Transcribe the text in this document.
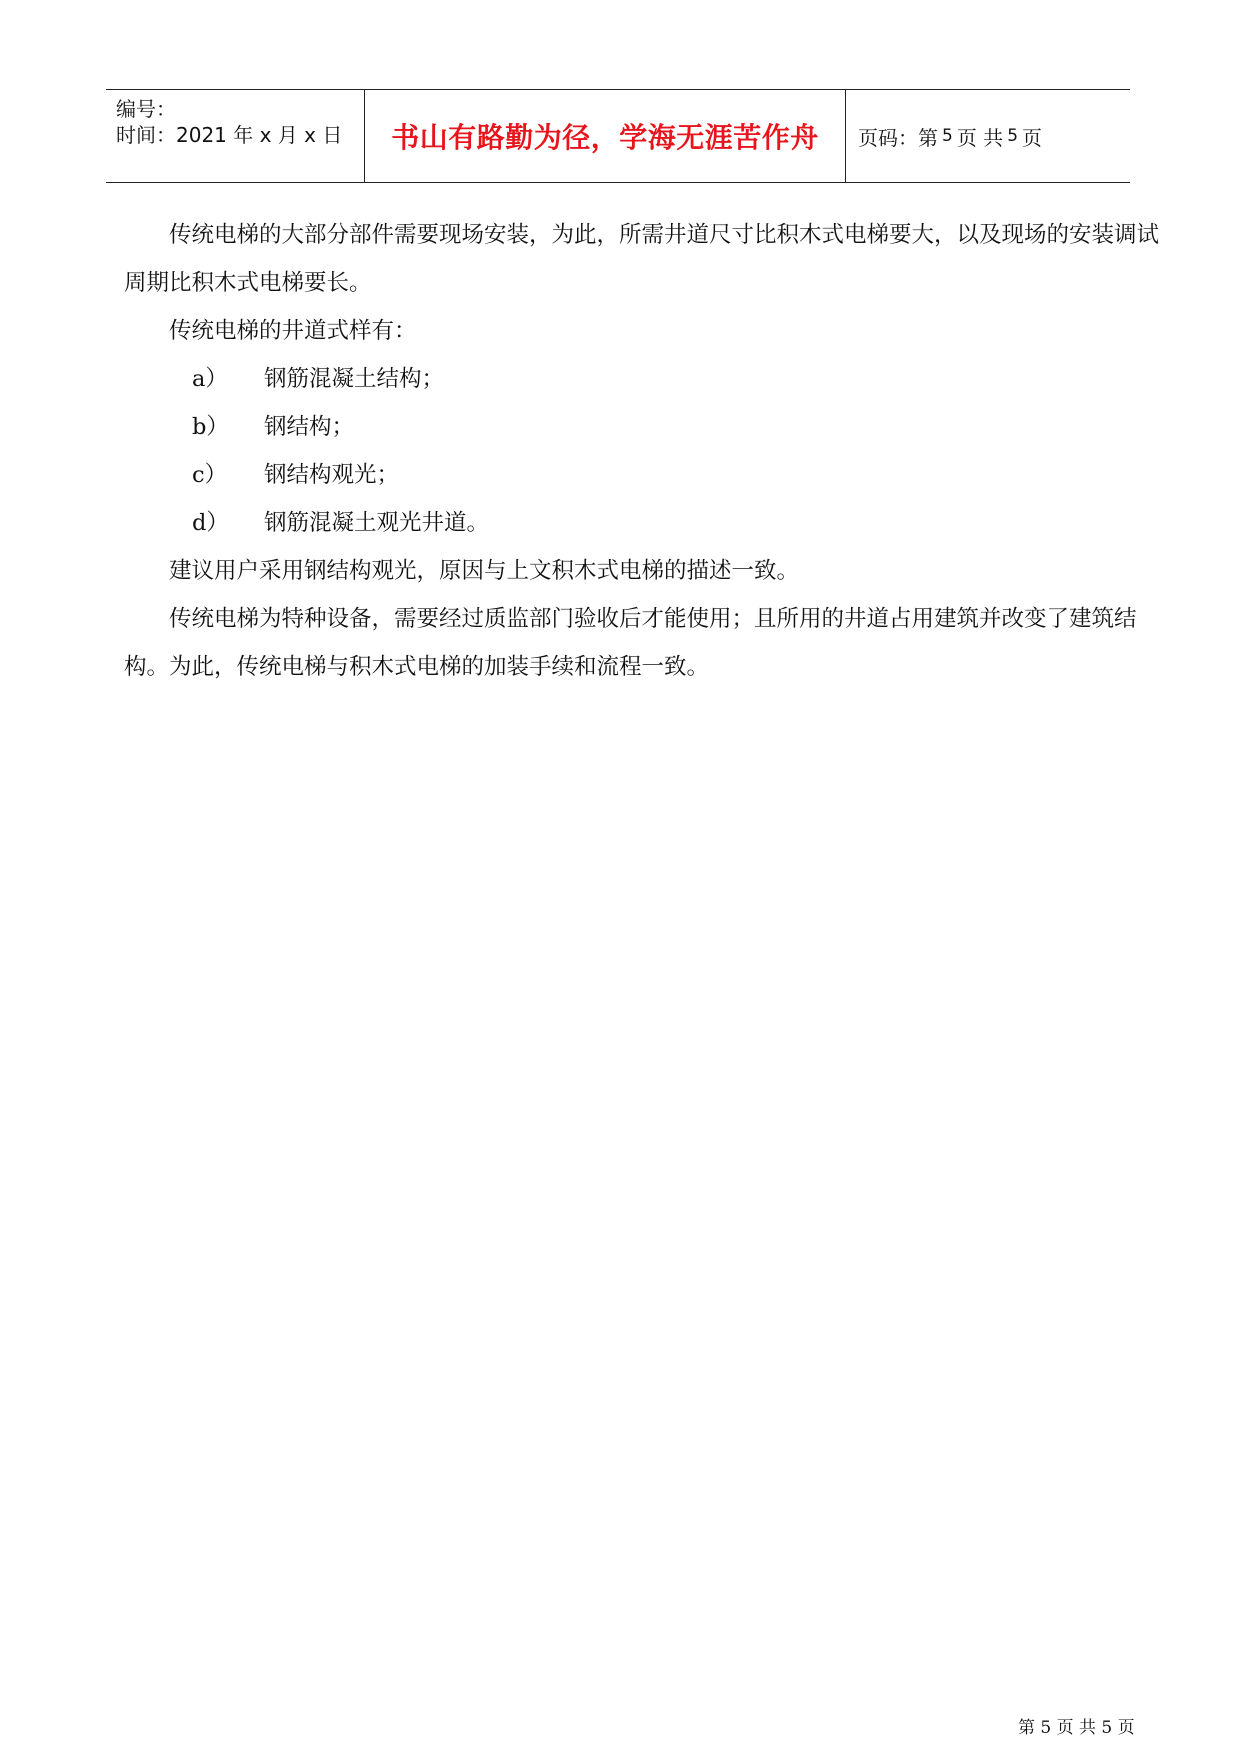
编号：
时间：2021 年 x 月 x 日 书山有路勤为径，学海无涯苦作舟 页码：第 5 页 共 5 页

传统电梯的大部分部件需要现场安装，为此，所需井道尺寸比积木式电梯要大，以及现场的安装调试周期比积木式电梯要长。

传统电梯的井道式样有：

a）	钢筋混凝土结构；
b）	钢结构；
c）	钢结构观光；
d）	钢筋混凝土观光井道。

建议用户采用钢结构观光，原因与上文积木式电梯的描述一致。

传统电梯为特种设备，需要经过质监部门验收后才能使用；且所用的井道占用建筑并改变了建筑结构。为此，传统电梯与积木式电梯的加装手续和流程一致。

第 5 页 共 5 页
